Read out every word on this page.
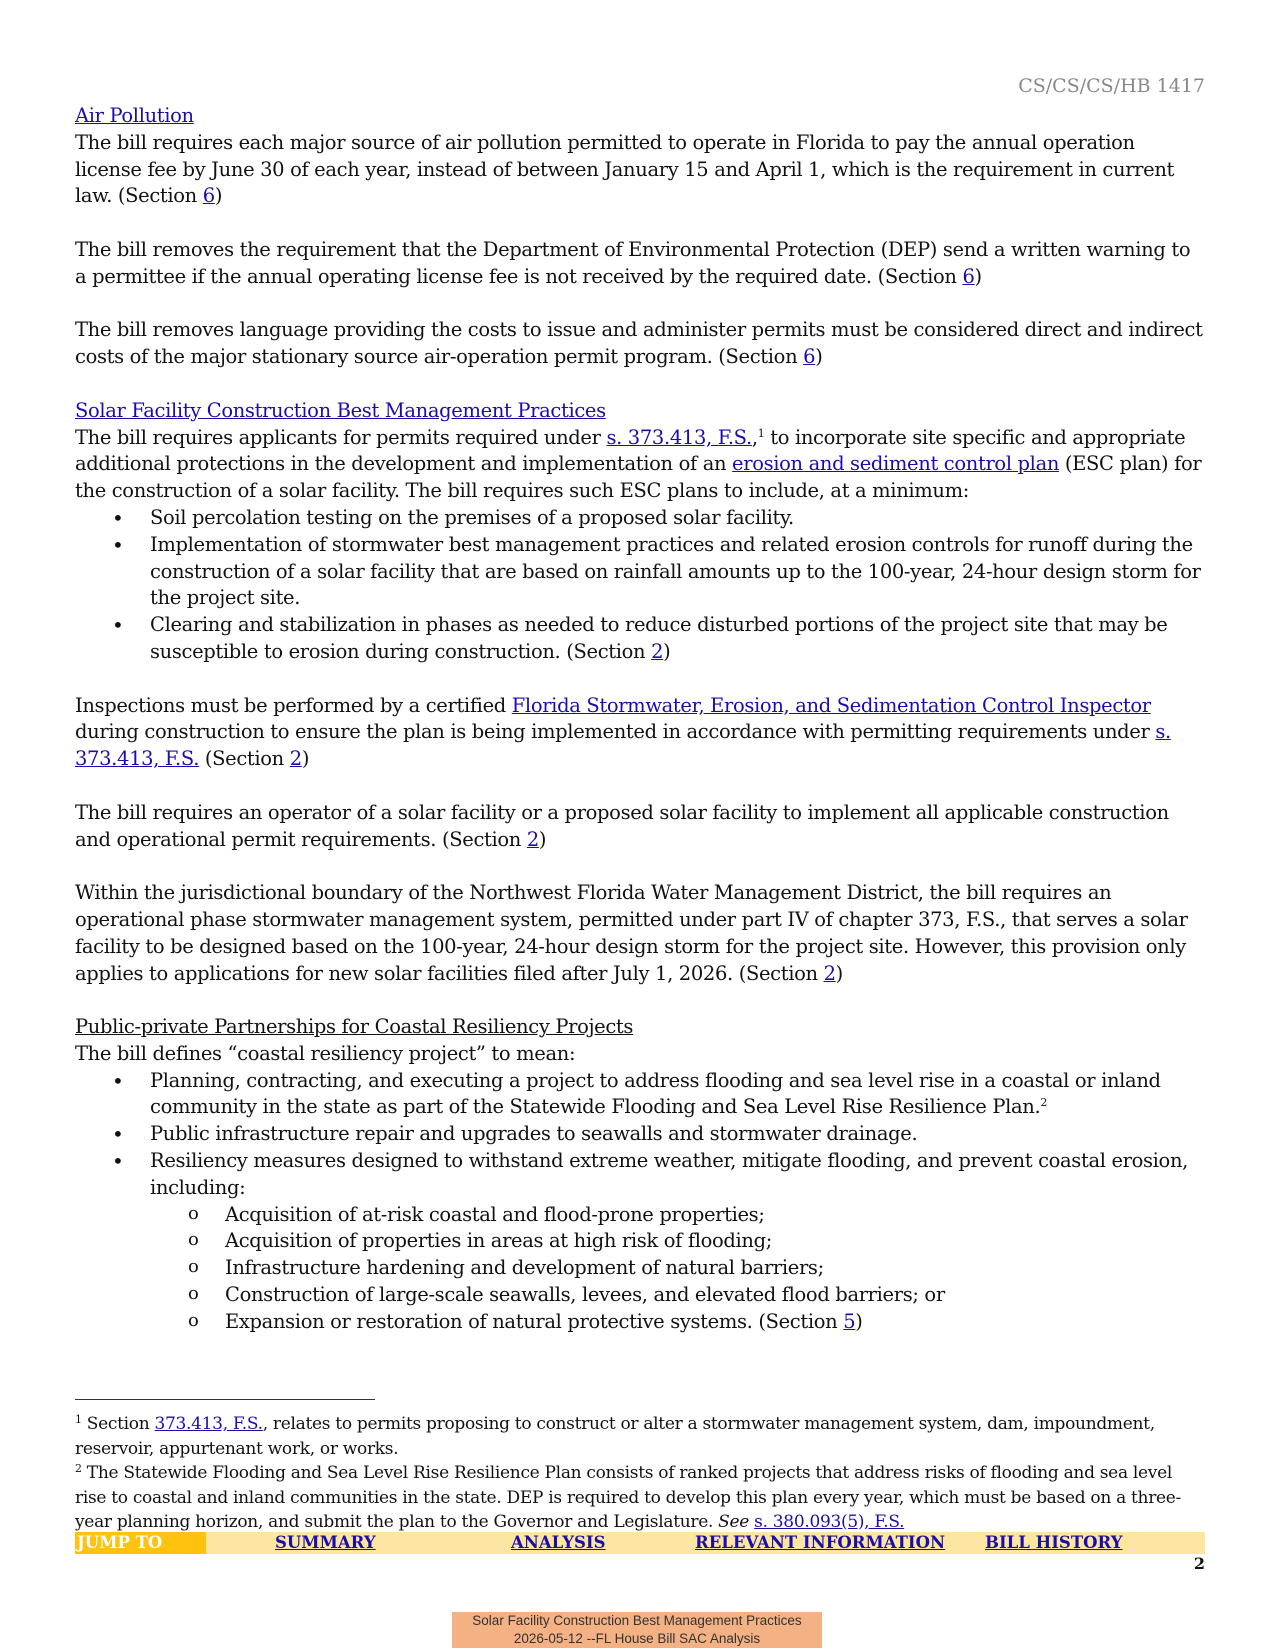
CS/CS/CS/HB 1417
Air Pollution

The bill requires each major source of air pollution permitted to operate in Florida to pay the annual operation license fee by June 30 of each year, instead of between January 15 and April 1, which is the requirement in current law. (Section 6)

The bill removes the requirement that the Department of Environmental Protection (DEP) send a written warning to a permittee if the annual operating license fee is not received by the required date. (Section 6)

The bill removes language providing the costs to issue and administer permits must be considered direct and indirect costs of the major stationary source air-operation permit program. (Section 6)

Solar Facility Construction Best Management Practices

The bill requires applicants for permits required under s. 373.413, F.S.,$^1$ to incorporate site specific and appropriate additional protections in the development and implementation of an erosion and sediment control plan (ESC plan) for the construction of a solar facility. The bill requires such ESC plans to include, at a minimum:

• Soil percolation testing on the premises of a proposed solar facility.
• Implementation of stormwater best management practices and related erosion controls for runoff during the construction of a solar facility that are based on rainfall amounts up to the 100-year, 24-hour design storm for the project site.
• Clearing and stabilization in phases as needed to reduce disturbed portions of the project site that may be susceptible to erosion during construction. (Section 2)

Inspections must be performed by a certified Florida Stormwater, Erosion, and Sedimentation Control Inspector during construction to ensure the plan is being implemented in accordance with permitting requirements under s. 373.413, F.S. (Section 2)

The bill requires an operator of a solar facility or a proposed solar facility to implement all applicable construction and operational permit requirements. (Section 2)

Within the jurisdictional boundary of the Northwest Florida Water Management District, the bill requires an operational phase stormwater management system, permitted under part IV of chapter 373, F.S., that serves a solar facility to be designed based on the 100-year, 24-hour design storm for the project site. However, this provision only applies to applications for new solar facilities filed after July 1, 2026. (Section 2)

Public-private Partnerships for Coastal Resiliency Projects

The bill defines “coastal resiliency project” to mean:

• Planning, contracting, and executing a project to address flooding and sea level rise in a coastal or inland community in the state as part of the Statewide Flooding and Sea Level Rise Resilience Plan.$^2$
• Public infrastructure repair and upgrades to seawalls and stormwater drainage.
• Resiliency measures designed to withstand extreme weather, mitigate flooding, and prevent coastal erosion, including:
o Acquisition of at-risk coastal and flood-prone properties;
o Acquisition of properties in areas at high risk of flooding;
o Infrastructure hardening and development of natural barriers;
o Construction of large-scale seawalls, levees, and elevated flood barriers; or
o Expansion or restoration of natural protective systems. (Section 5)

$^1$ Section 373.413, F.S., relates to permits proposing to construct or alter a stormwater management system, dam, impoundment, reservoir, appurtenant work, or works.

$^2$ The Statewide Flooding and Sea Level Rise Resilience Plan consists of ranked projects that address risks of flooding and sea level rise to coastal and inland communities in the state. DEP is required to develop this plan every year, which must be based on a three-year planning horizon, and submit the plan to the Governor and Legislature. See s. 380.093(5), F.S.

JUMP TO	SUMMARY	ANALYSIS	RELEVANT INFORMATION BILL HISTORY
2
Solar Facility Construction Best Management Practices
2026-05-12 --FL House Bill SAC Analysis
